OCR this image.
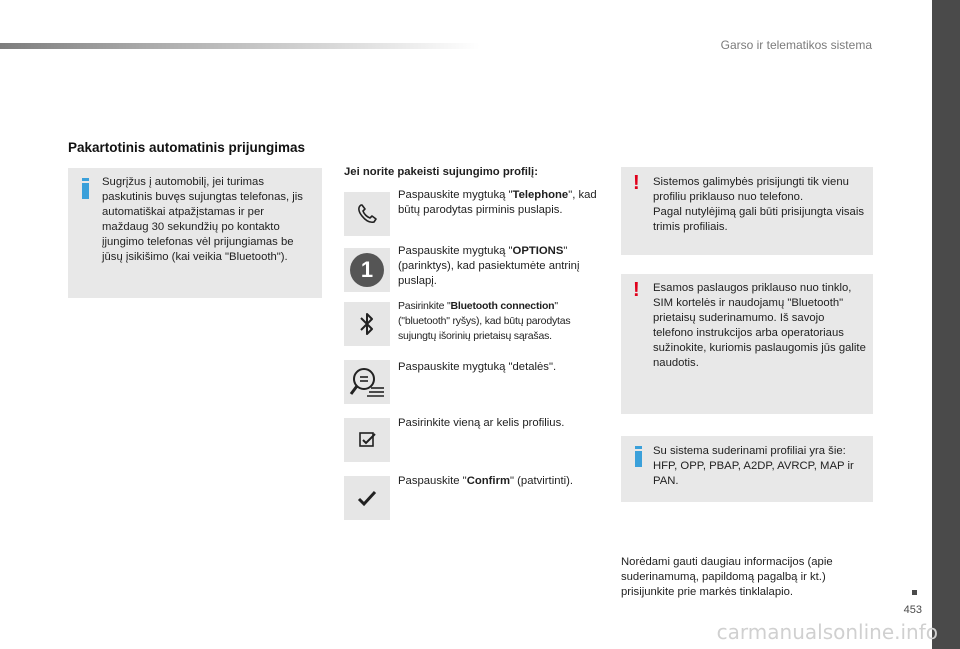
Garso ir telematikos sistema
453
Pakartotinis automatinis prijungimas
Sugrįžus į automobilį, jei turimas paskutinis buvęs sujungtas telefonas, jis automatiškai atpažįstamas ir per maždaug 30 sekundžių po kontakto įjungimo telefonas vėl prijungiamas be jūsų įsikišimo (kai veikia "Bluetooth").
Jei norite pakeisti sujungimo profilį:
Paspauskite mygtuką "Telephone", kad būtų parodytas pirminis puslapis.
1
Paspauskite mygtuką "OPTIONS" (parinktys), kad pasiektumėte antrinį puslapį.
Pasirinkite "Bluetooth connection" ("bluetooth" ryšys), kad būtų parodytas sujungtų išorinių prietaisų sąrašas.
Paspauskite mygtuką "detalės".
Pasirinkite vieną ar kelis profilius.
Paspauskite "Confirm" (patvirtinti).
! Sistemos galimybės prisijungti tik vienu profiliu priklauso nuo telefono.
Pagal nutylėjimą gali būti prisijungta visais trimis profiliais.
! Esamos paslaugos priklauso nuo tinklo, SIM kortelės ir naudojamų "Bluetooth" prietaisų suderinamumo. Iš savojo telefono instrukcijos arba operatoriaus sužinokite, kuriomis paslaugomis jūs galite naudotis.
Su sistema suderinami profiliai yra šie: HFP, OPP, PBAP, A2DP, AVRCP, MAP ir PAN.
Norėdami gauti daugiau informacijos (apie suderinamumą, papildomą pagalbą ir kt.) prisijunkite prie markės tinklalapio.
carmanualsonline.info
